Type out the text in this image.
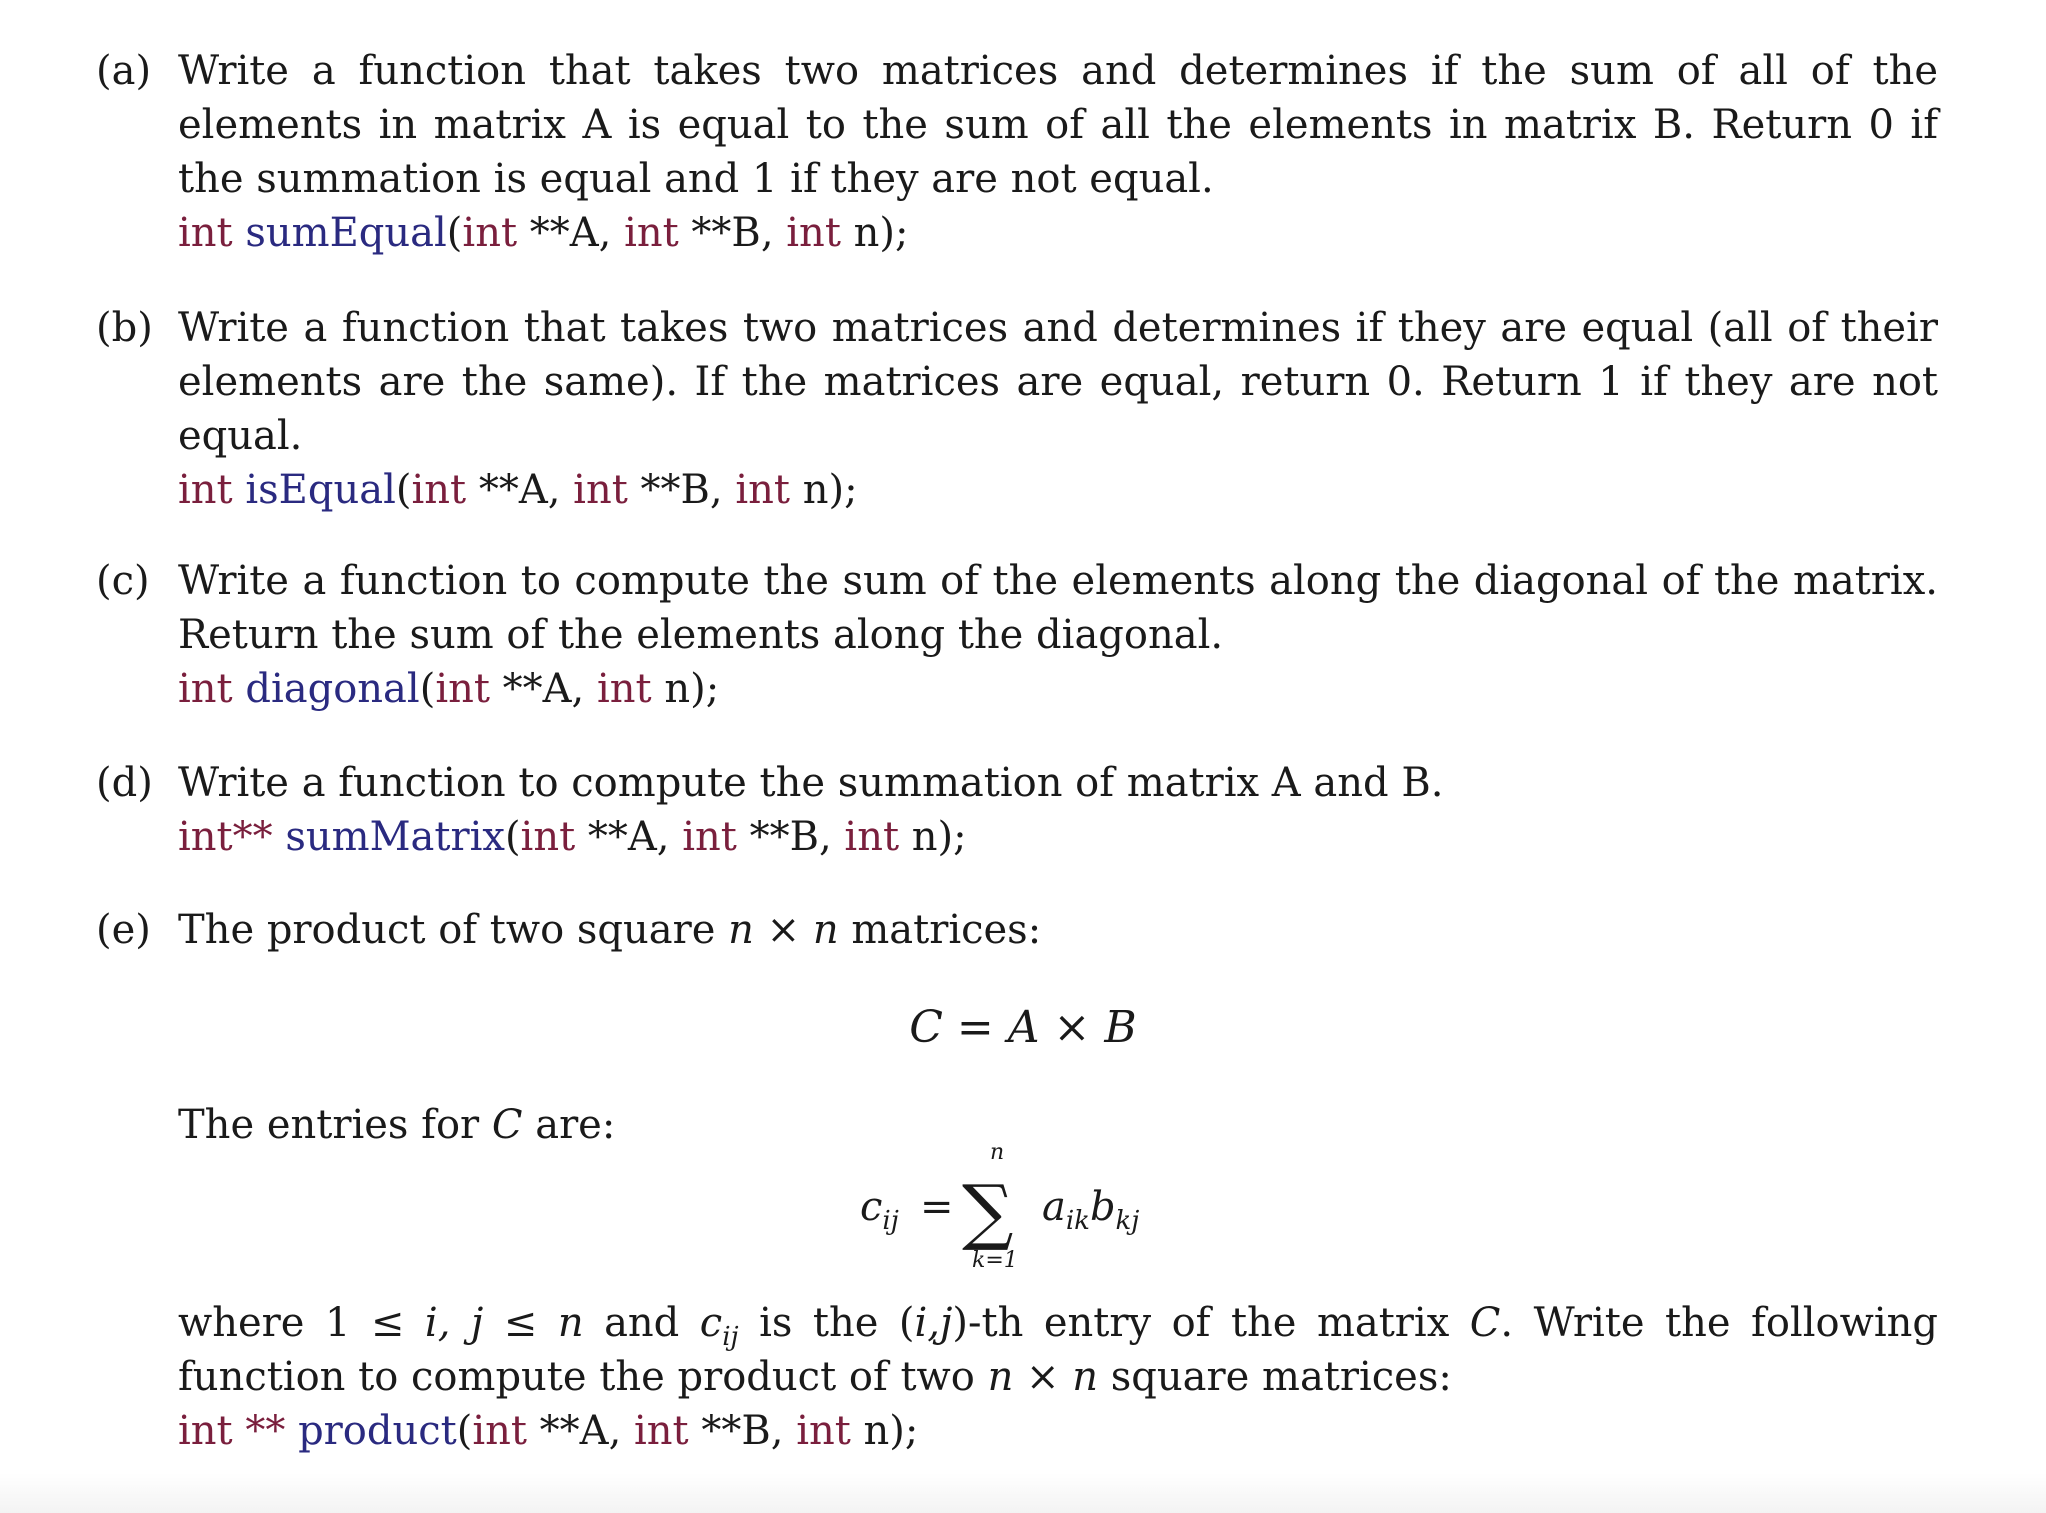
(a) Write a function that takes two matrices and determines if the sum of all of the
elements in matrix A is equal to the sum of all the elements in matrix B. Return 0 if
the summation is equal and 1 if they are not equal.
int sumEqual(int **A, int **B, int n);
(b) Write a function that takes two matrices and determines if they are equal (all of their
elements are the same). If the matrices are equal, return 0. Return 1 if they are not
equal.
int isEqual(int **A, int **B, int n);
(c) Write a function to compute the sum of the elements along the diagonal of the matrix.
Return the sum of the elements along the diagonal.
int diagonal(int **A, int n);
(d) Write a function to compute the summation of matrix A and B.
int** sumMatrix(int **A, int **B, int n);
(e) The product of two square n × n matrices:
C = A × B
The entries for C are:
$c_{ij}$ =
n
∑
k=1
$a_{ik}b_{kj}$
where 1 ≤ i, j ≤ n and $c_{ij}$ is the (i,j)-th entry of the matrix C. Write the following
function to compute the product of two n × n square matrices:
int ** product(int **A, int **B, int n);
